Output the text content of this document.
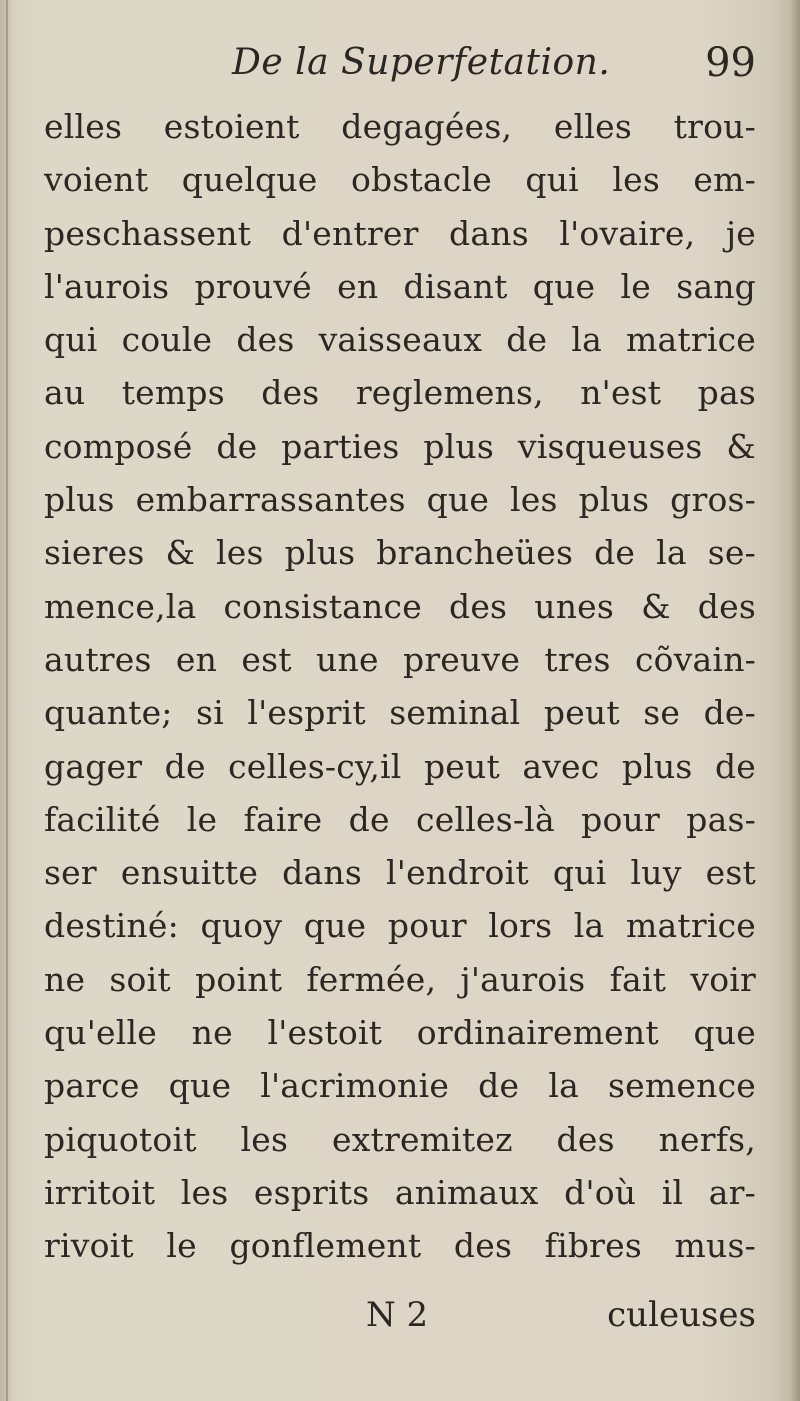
De la Superfetation. 99
elles estoient degagées, elles trou-
voient quelque obstacle qui les em-
peschassent d'entrer dans l'ovaire, je
l'aurois prouvé en disant que le sang
qui coule des vaisseaux de la matrice
au temps des reglemens, n'est pas
composé de parties plus visqueuses &
plus embarrassantes que les plus gros-
sieres & les plus brancheües de la se-
mence,la consistance des unes & des
autres en est une preuve tres cõvain-
quante; si l'esprit seminal peut se de-
gager de celles-cy,il peut avec plus de
facilité le faire de celles-là pour pas-
ser ensuitte dans l'endroit qui luy est
destiné: quoy que pour lors la matrice
ne soit point fermée, j'aurois fait voir
qu'elle ne l'estoit ordinairement que
parce que l'acrimonie de la semence
piquotoit les extremitez des nerfs,
irritoit les esprits animaux d'où il ar-
rivoit le gonflement des fibres mus-
N 2	culeuses
